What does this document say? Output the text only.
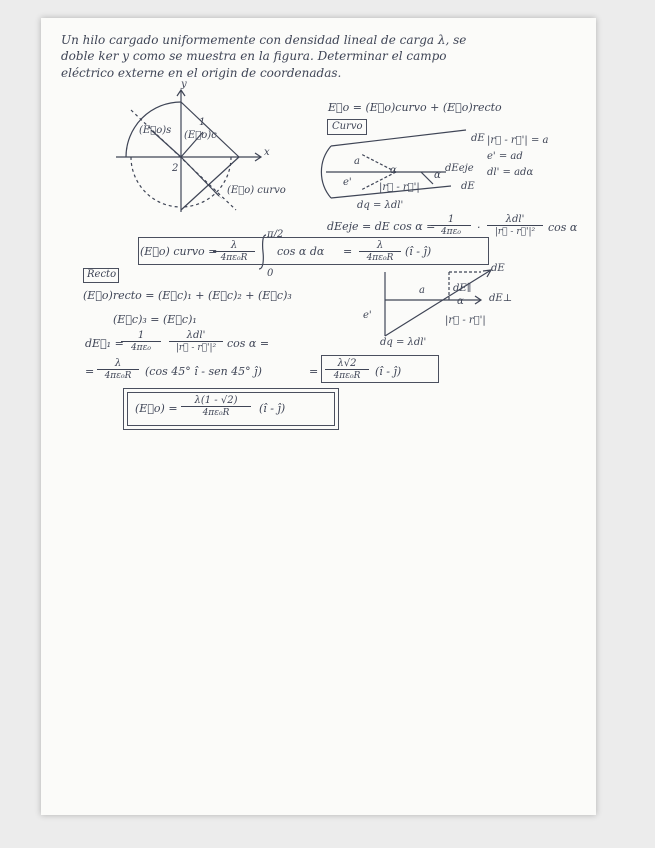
Un hilo cargado uniformemente con densidad lineal de carga λ, se
doble ker y como se muestra en la figura. Determinar el campo
eléctrico externe en el origin de coordenadas.
y
x
(E⃗o)s (E⃗o)c
1
2
(E⃗o) curvo
E⃗o = (E⃗o)curvo + (E⃗o)recto
Curvo
dE
a
α	α
dEeje
dE
|r⃗ - r⃗'|
e'
dq = λdl'
|r⃗ - r⃗'| = a
e' = ad
dl' = adα
dEeje = dE cos α =
$\frac{1}{\text{4πε₀}}$ ·
λdl'
|r⃗ - r⃗'|²	cos α
(E⃗o) curvo =
$\frac{\lambda}{\text{4πε₀R}}$
π/2
0
cos α $d\alpha = \frac{\lambda}{\text{4πε₀R}}$ (î - ĵ)
Recto
(E⃗o)recto = (E⃗c)₁ + (E⃗c)₂ + (E⃗c)₃
(E⃗c)₃ = (E⃗c)₁
dE
dE∥
a
α	dE⊥
|r⃗ - r⃗'|
e'
dq = λdl'
dE⃗₁ =
$\frac{1}{\text{4πε₀}}$	λdl'
|r⃗ - r⃗'|² cos α =
= $\frac{\lambda}{\text{4πε₀R}} (\cos$ 45° î - sen 45° ĵ)	= $\frac{\lambda√2}{\text{4πε₀R}}$ (î - ĵ)
(E⃗o) = $\frac{\lambda(1 - √2)}{\text{4πε₀R}}$ (î - ĵ)
